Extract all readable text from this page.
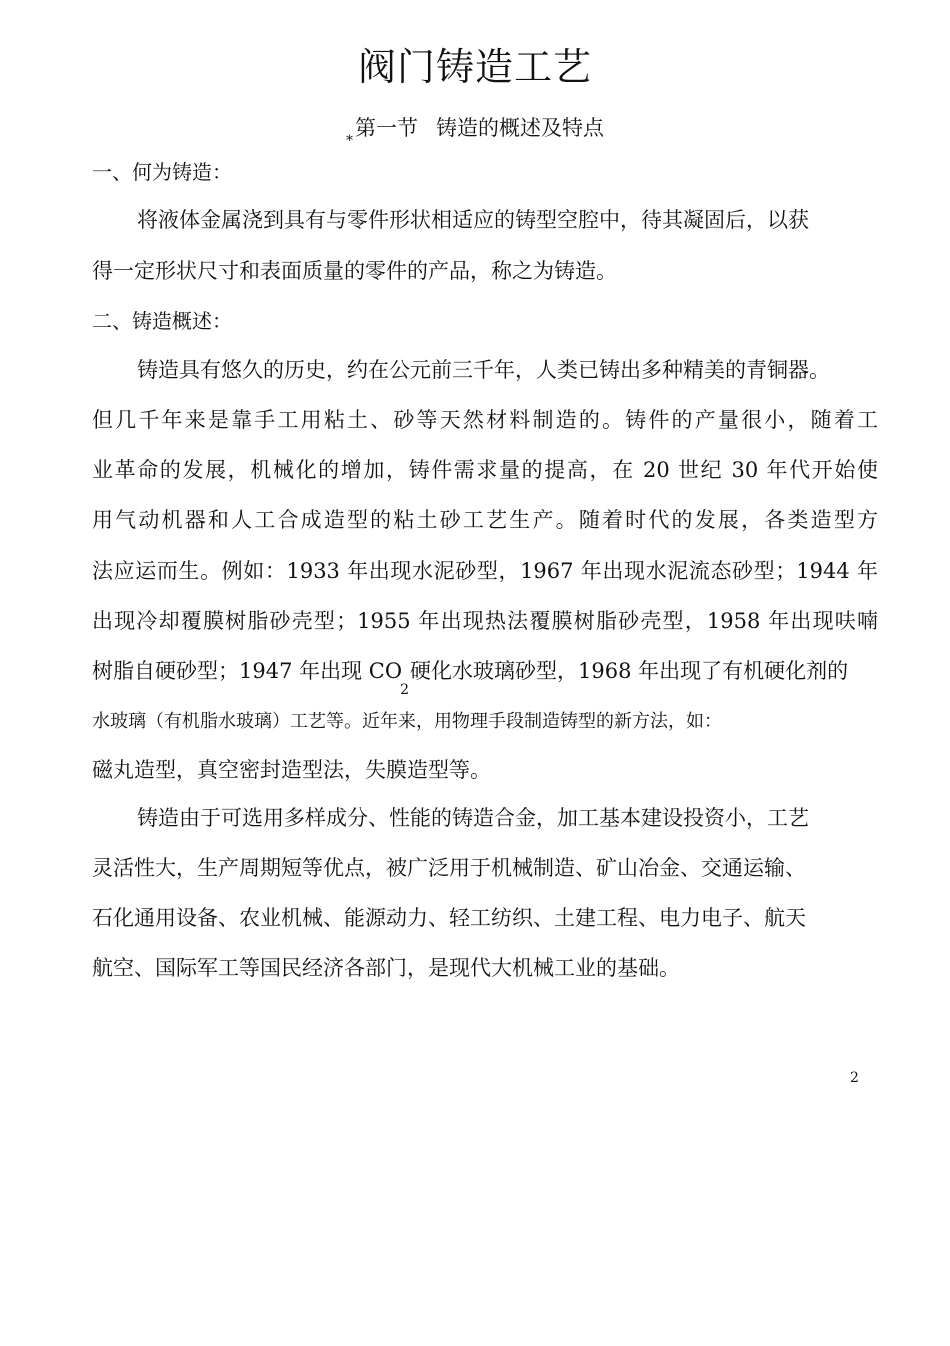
阀门铸造工艺
$_*$第一节 铸造的概述及特点
一、何为铸造：
将液体金属浇到具有与零件形状相适应的铸型空腔中，待其凝固后，以获
得一定形状尺寸和表面质量的零件的产品，称之为铸造。
二、铸造概述：
铸造具有悠久的历史，约在公元前三千年，人类已铸出多种精美的青铜器。
但几千年来是靠手工用粘土、砂等天然材料制造的。铸件的产量很小，随着工
业革命的发展，机械化的增加，铸件需求量的提高，在 20 世纪 30 年代开始使
用气动机器和人工合成造型的粘土砂工艺生产。随着时代的发展，各类造型方
法应运而生。例如：1933 年出现水泥砂型，1967 年出现水泥流态砂型；1944 年
出现冷却覆膜树脂砂壳型；1955 年出现热法覆膜树脂砂壳型，1958 年出现呋喃
树脂自硬砂型；1947 年出现 $CO_2$硬化水玻璃砂型，1968 年出现了有机硬化剂的
水玻璃（有机脂水玻璃）工艺等。近年来，用物理手段制造铸型的新方法，如：
磁丸造型，真空密封造型法，失膜造型等。
铸造由于可选用多样成分、性能的铸造合金，加工基本建设投资小，工艺
灵活性大，生产周期短等优点，被广泛用于机械制造、矿山冶金、交通运输、
石化通用设备、农业机械、能源动力、轻工纺织、土建工程、电力电子、航天
航空、国际军工等国民经济各部门，是现代大机械工业的基础。
2
